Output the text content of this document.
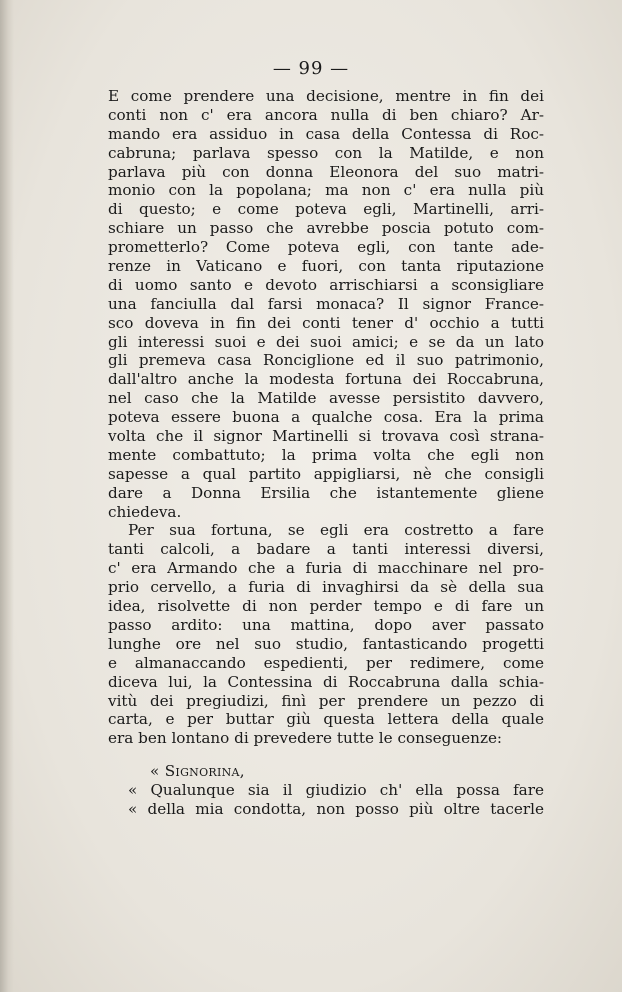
— 99 —
E come prendere una decisione, mentre in fin dei
conti non c' era ancora nulla di ben chiaro? Ar-
mando era assiduo in casa della Contessa di Roc-
cabruna; parlava spesso con la Matilde, e non
parlava più con donna Eleonora del suo matri-
monio con la popolana; ma non c' era nulla più
di questo; e come poteva egli, Martinelli, arri-
schiare un passo che avrebbe poscia potuto com-
prometterlo? Come poteva egli, con tante ade-
renze in Vaticano e fuori, con tanta riputazione
di uomo santo e devoto arrischiarsi a sconsigliare
una fanciulla dal farsi monaca? Il signor France-
sco doveva in fin dei conti tener d' occhio a tutti
gli interessi suoi e dei suoi amici; e se da un lato
gli premeva casa Ronciglione ed il suo patrimonio,
dall'altro anche la modesta fortuna dei Roccabruna,
nel caso che la Matilde avesse persistito davvero,
poteva essere buona a qualche cosa. Era la prima
volta che il signor Martinelli si trovava così strana-
mente combattuto; la prima volta che egli non
sapesse a qual partito appigliarsi, nè che consigli
dare a Donna Ersilia che istantemente gliene
chiedeva.
Per sua fortuna, se egli era costretto a fare
tanti calcoli, a badare a tanti interessi diversi,
c' era Armando che a furia di macchinare nel pro-
prio cervello, a furia di invaghirsi da sè della sua
idea, risolvette di non perder tempo e di fare un
passo ardito: una mattina, dopo aver passato
lunghe ore nel suo studio, fantasticando progetti
e almanaccando espedienti, per redimere, come
diceva lui, la Contessina di Roccabruna dalla schia-
vitù dei pregiudizi, finì per prendere un pezzo di
carta, e per buttar giù questa lettera della quale
era ben lontano di prevedere tutte le conseguenze:
« Signorina,
« Qualunque sia il giudizio ch' ella possa fare
« della mia condotta, non posso più oltre tacerle
